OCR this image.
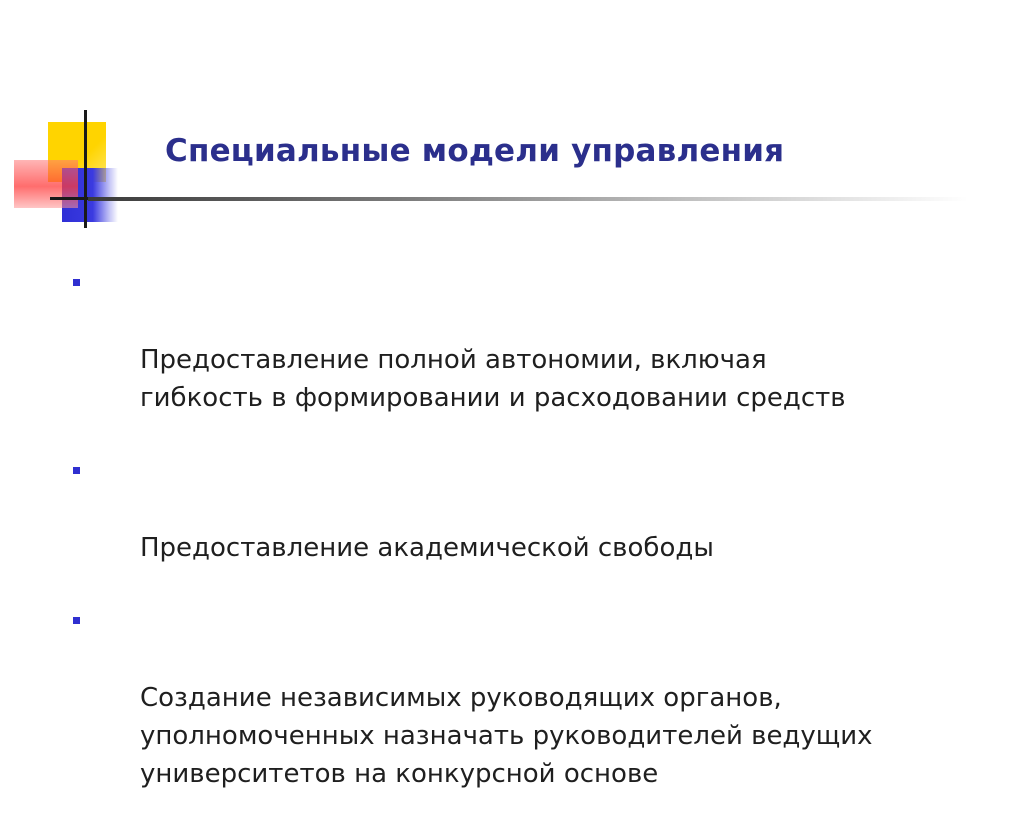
Специальные модели управления

Предоставление полной автономии, включая
гибкость в формировании и расходовании средств

Предоставление академической свободы

Создание независимых руководящих органов,
уполномоченных назначать руководителей ведущих
университетов на конкурсной основе
